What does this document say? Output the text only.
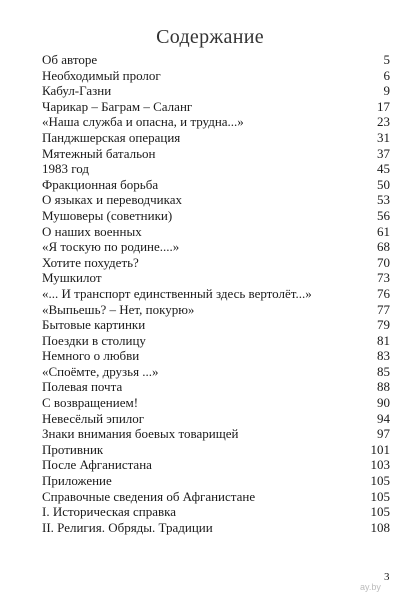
Содержание
Об авторе	5
Необходимый пролог	6
Кабул-Газни	9
Чарикар – Баграм – Саланг	17
«Наша служба и опасна, и трудна...»	23
Панджшерская операция	31
Мятежный батальон	37
1983 год	45
Фракционная борьба	50
О языках и переводчиках	53
Мушоверы (советники)	56
О наших военных	61
«Я тоскую по родине....»	68
Хотите похудеть?	70
Мушкилот	73
«... И транспорт единственный здесь вертолёт...»	76
«Выпьешь? – Нет, покурю»	77
Бытовые картинки	79
Поездки в столицу	81
Немного о любви	83
«Споёмте, друзья ...»	85
Полевая почта	88
С возвращением!	90
Невесёлый эпилог	94
Знаки внимания боевых товарищей	97
Противник	101
После Афганистана	103
Приложение	105
Справочные сведения об Афганистане	105
I. Историческая справка	105
II. Религия. Обряды. Традиции	108
3
ay.by
